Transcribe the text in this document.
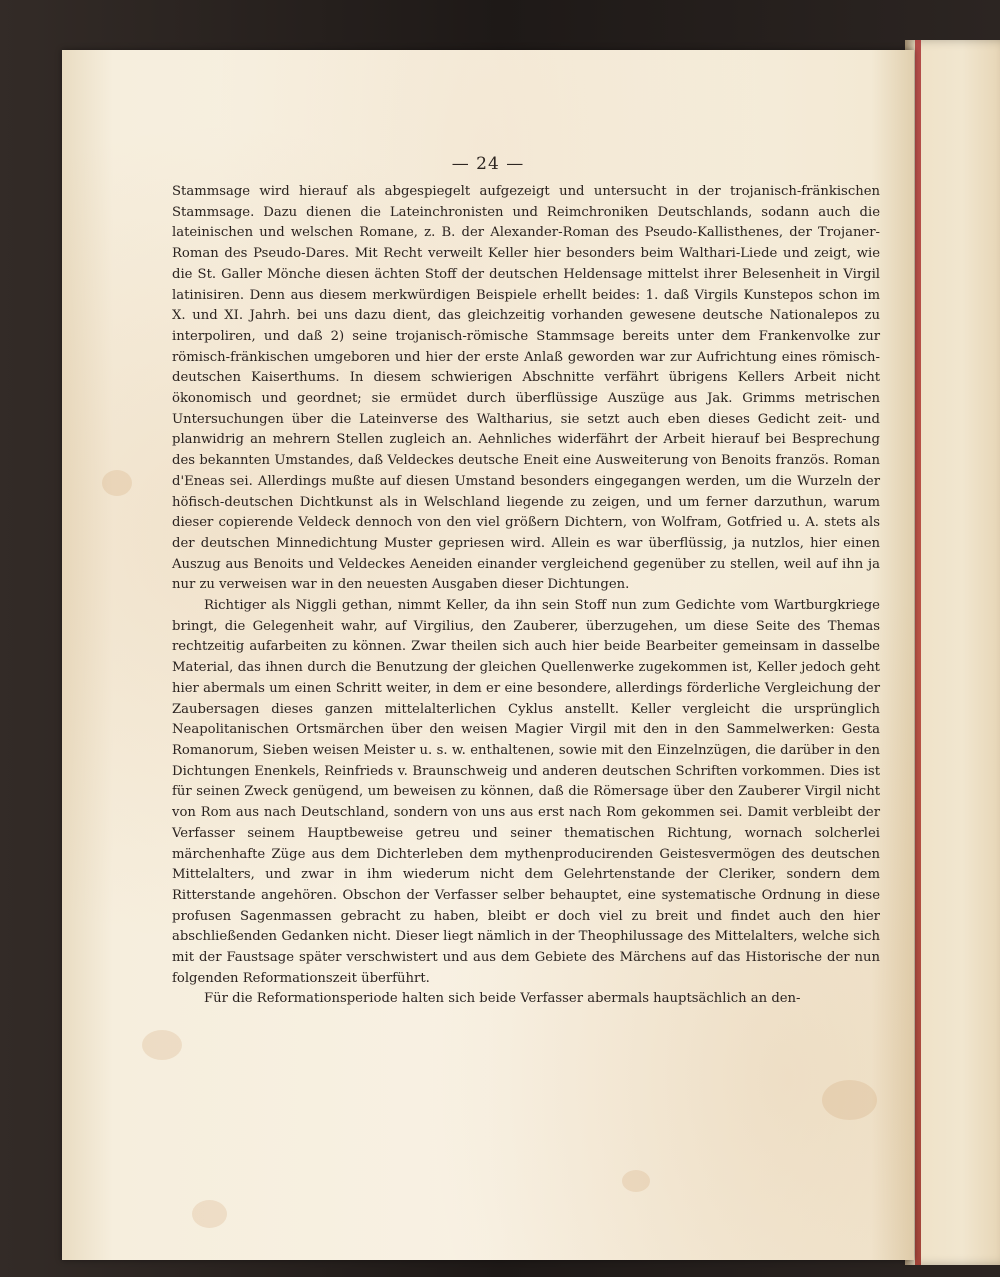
— 24 —

Stammsage wird hierauf als abgespiegelt aufgezeigt und untersucht in der trojanisch-fränkischen Stammsage. Dazu dienen die Lateinchronisten und Reimchroniken Deutschlands, sodann auch die lateinischen und welschen Romane, z. B. der Alexander-Roman des Pseudo-Kallisthenes, der Trojaner-Roman des Pseudo-Dares. Mit Recht verweilt Keller hier besonders beim Walthari-Liede und zeigt, wie die St. Galler Mönche diesen ächten Stoff der deutschen Heldensage mittelst ihrer Belesenheit in Virgil latinisiren. Denn aus diesem merkwürdigen Beispiele erhellt beides: 1. daß Virgils Kunstepos schon im X. und XI. Jahrh. bei uns dazu dient, das gleichzeitig vorhanden gewesene deutsche Nationalepos zu interpoliren, und daß 2) seine trojanisch-römische Stammsage bereits unter dem Frankenvolke zur römisch-fränkischen umgeboren und hier der erste Anlaß geworden war zur Aufrichtung eines römisch-deutschen Kaiserthums. In diesem schwierigen Abschnitte verfährt übrigens Kellers Arbeit nicht ökonomisch und geordnet; sie ermüdet durch überflüssige Auszüge aus Jak. Grimms metrischen Untersuchungen über die Lateinverse des Waltharius, sie setzt auch eben dieses Gedicht zeit- und planwidrig an mehrern Stellen zugleich an. Aehnliches widerfährt der Arbeit hierauf bei Besprechung des bekannten Umstandes, daß Veldeckes deutsche Eneit eine Ausweiterung von Benoits französ. Roman d'Eneas sei. Allerdings mußte auf diesen Umstand besonders eingegangen werden, um die Wurzeln der höfisch-deutschen Dichtkunst als in Welschland liegende zu zeigen, und um ferner darzuthun, warum dieser copierende Veldeck dennoch von den viel größern Dichtern, von Wolfram, Gotfried u. A. stets als der deutschen Minnedichtung Muster gepriesen wird. Allein es war überflüssig, ja nutzlos, hier einen Auszug aus Benoits und Veldeckes Aeneiden einander vergleichend gegenüber zu stellen, weil auf ihn ja nur zu verweisen war in den neuesten Ausgaben dieser Dichtungen.

Richtiger als Niggli gethan, nimmt Keller, da ihn sein Stoff nun zum Gedichte vom Wartburgkriege bringt, die Gelegenheit wahr, auf Virgilius, den Zauberer, überzugehen, um diese Seite des Themas rechtzeitig aufarbeiten zu können. Zwar theilen sich auch hier beide Bearbeiter gemeinsam in dasselbe Material, das ihnen durch die Benutzung der gleichen Quellenwerke zugekommen ist, Keller jedoch geht hier abermals um einen Schritt weiter, in dem er eine besondere, allerdings förderliche Vergleichung der Zaubersagen dieses ganzen mittelalterlichen Cyklus anstellt. Keller vergleicht die ursprünglich Neapolitanischen Ortsmärchen über den weisen Magier Virgil mit den in den Sammelwerken: Gesta Romanorum, Sieben weisen Meister u. s. w. enthaltenen, sowie mit den Einzelnzügen, die darüber in den Dichtungen Enenkels, Reinfrieds v. Braunschweig und anderen deutschen Schriften vorkommen. Dies ist für seinen Zweck genügend, um beweisen zu können, daß die Römersage über den Zauberer Virgil nicht von Rom aus nach Deutschland, sondern von uns aus erst nach Rom gekommen sei. Damit verbleibt der Verfasser seinem Hauptbeweise getreu und seiner thematischen Richtung, wornach solcherlei märchenhafte Züge aus dem Dichterleben dem mythenproducirenden Geistesvermögen des deutschen Mittelalters, und zwar in ihm wiederum nicht dem Gelehrtenstande der Cleriker, sondern dem Ritterstande angehören. Obschon der Verfasser selber behauptet, eine systematische Ordnung in diese profusen Sagenmassen gebracht zu haben, bleibt er doch viel zu breit und findet auch den hier abschließenden Gedanken nicht. Dieser liegt nämlich in der Theophilussage des Mittelalters, welche sich mit der Faustsage später verschwistert und aus dem Gebiete des Märchens auf das Historische der nun folgenden Reformationszeit überführt.

Für die Reformationsperiode halten sich beide Verfasser abermals hauptsächlich an den-
